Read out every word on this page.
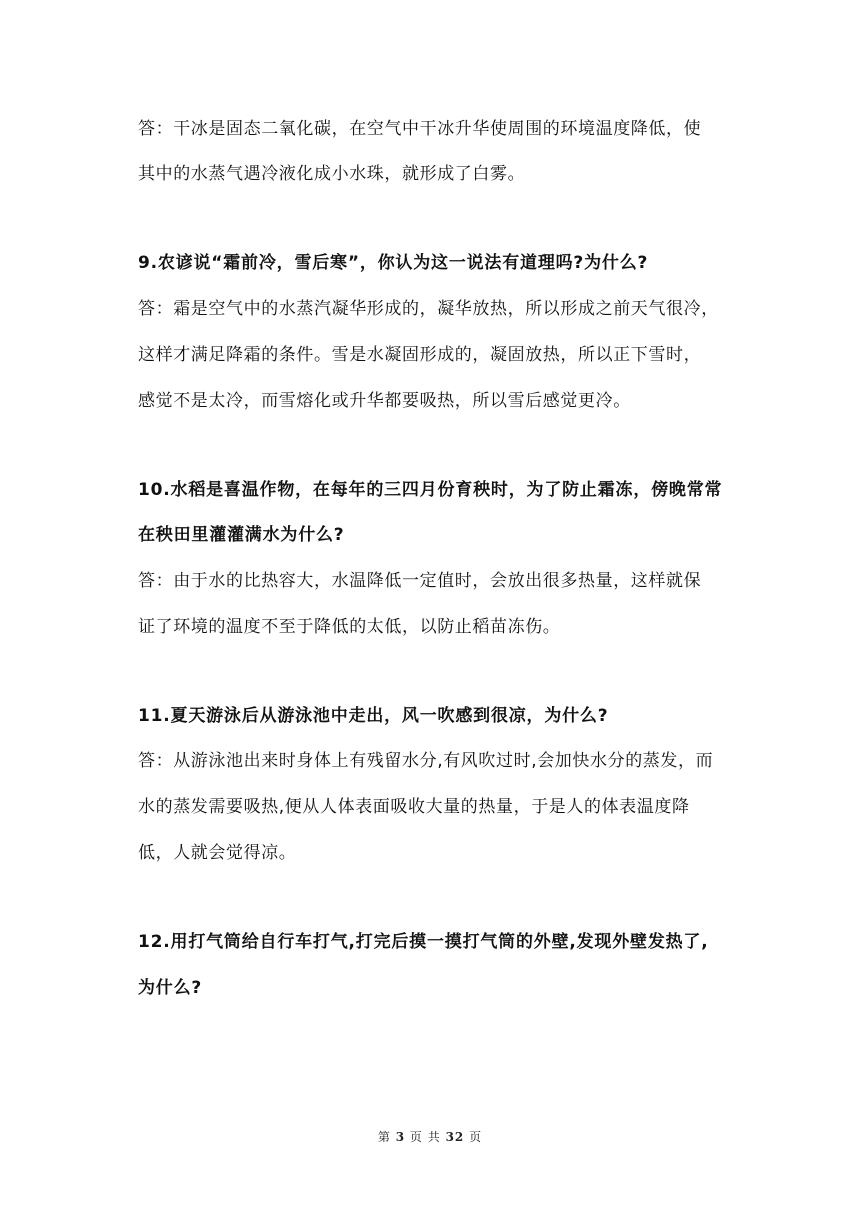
答：干冰是固态二氧化碳，在空气中干冰升华使周围的环境温度降低，使
其中的水蒸气遇冷液化成小水珠，就形成了白雾。
9.农谚说“霜前冷，雪后寒”，你认为这一说法有道理吗?为什么?
答：霜是空气中的水蒸汽凝华形成的，凝华放热，所以形成之前天气很冷，
这样才满足降霜的条件。雪是水凝固形成的，凝固放热，所以正下雪时，
感觉不是太冷，而雪熔化或升华都要吸热，所以雪后感觉更冷。
10.水稻是喜温作物，在每年的三四月份育秧时，为了防止霜冻，傍晚常常
在秧田里灌灌满水为什么?
答：由于水的比热容大，水温降低一定值时，会放出很多热量，这样就保
证了环境的温度不至于降低的太低，以防止稻苗冻伤。
11.夏天游泳后从游泳池中走出，风一吹感到很凉，为什么?
答：从游泳池出来时身体上有残留水分,有风吹过时,会加快水分的蒸发，而
水的蒸发需要吸热,便从人体表面吸收大量的热量，于是人的体表温度降
低，人就会觉得凉。
12.用打气筒给自行车打气,打完后摸一摸打气筒的外壁,发现外壁发热了,
为什么?
第 3 页 共 32 页
